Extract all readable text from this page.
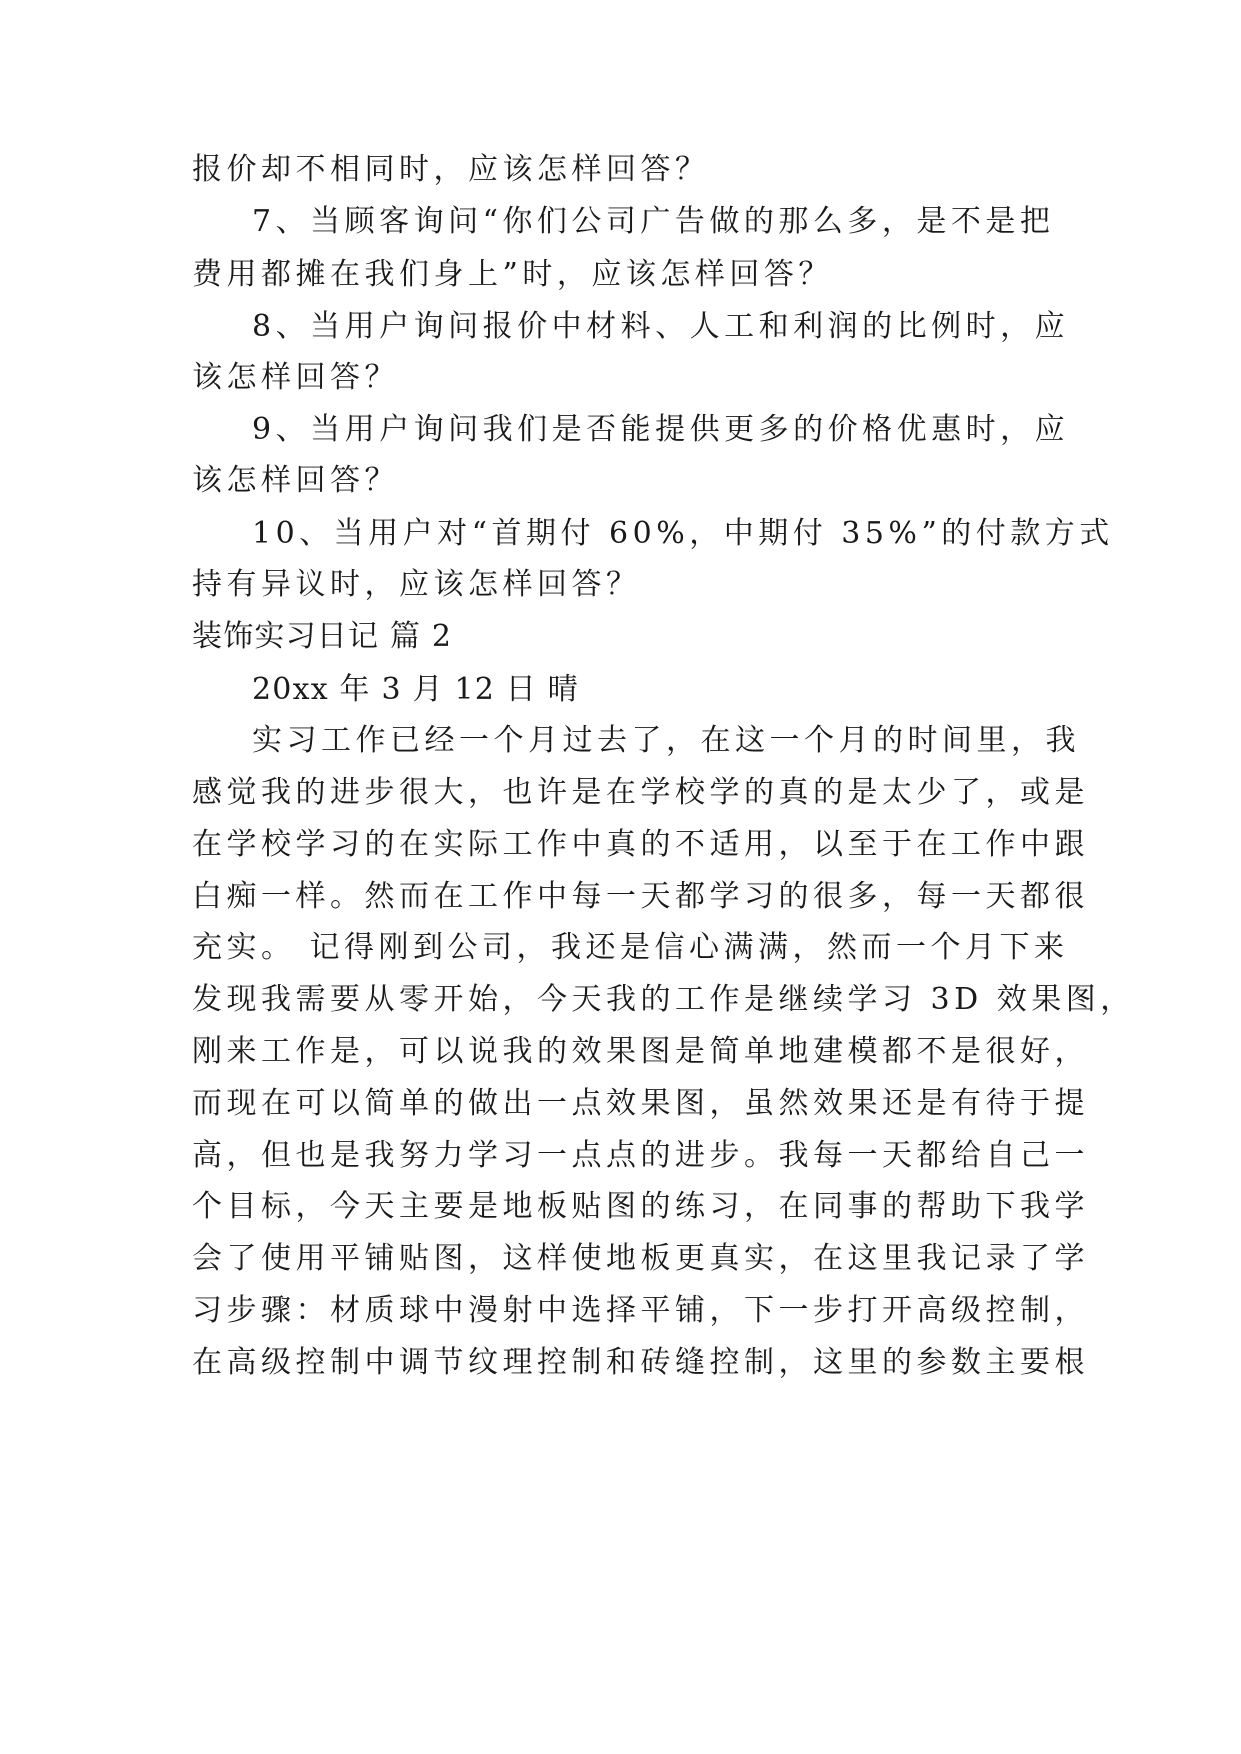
报价却不相同时，应该怎样回答？
7、当顾客询问“你们公司广告做的那么多，是不是把
费用都摊在我们身上”时，应该怎样回答？
8、当用户询问报价中材料、人工和利润的比例时，应
该怎样回答？
9、当用户询问我们是否能提供更多的价格优惠时，应
该怎样回答？
10、当用户对“首期付 60%，中期付 35%”的付款方式
持有异议时，应该怎样回答？
装饰实习日记 篇 2
20xx 年 3 月 12 日 晴
实习工作已经一个月过去了，在这一个月的时间里，我
感觉我的进步很大，也许是在学校学的真的是太少了，或是
在学校学习的在实际工作中真的不适用，以至于在工作中跟
白痴一样。然而在工作中每一天都学习的很多，每一天都很
充实。 记得刚到公司，我还是信心满满，然而一个月下来
发现我需要从零开始，今天我的工作是继续学习 3D 效果图，
刚来工作是，可以说我的效果图是简单地建模都不是很好，
而现在可以简单的做出一点效果图，虽然效果还是有待于提
高，但也是我努力学习一点点的进步。我每一天都给自己一
个目标，今天主要是地板贴图的练习，在同事的帮助下我学
会了使用平铺贴图，这样使地板更真实，在这里我记录了学
习步骤：材质球中漫射中选择平铺，下一步打开高级控制，
在高级控制中调节纹理控制和砖缝控制，这里的参数主要根
